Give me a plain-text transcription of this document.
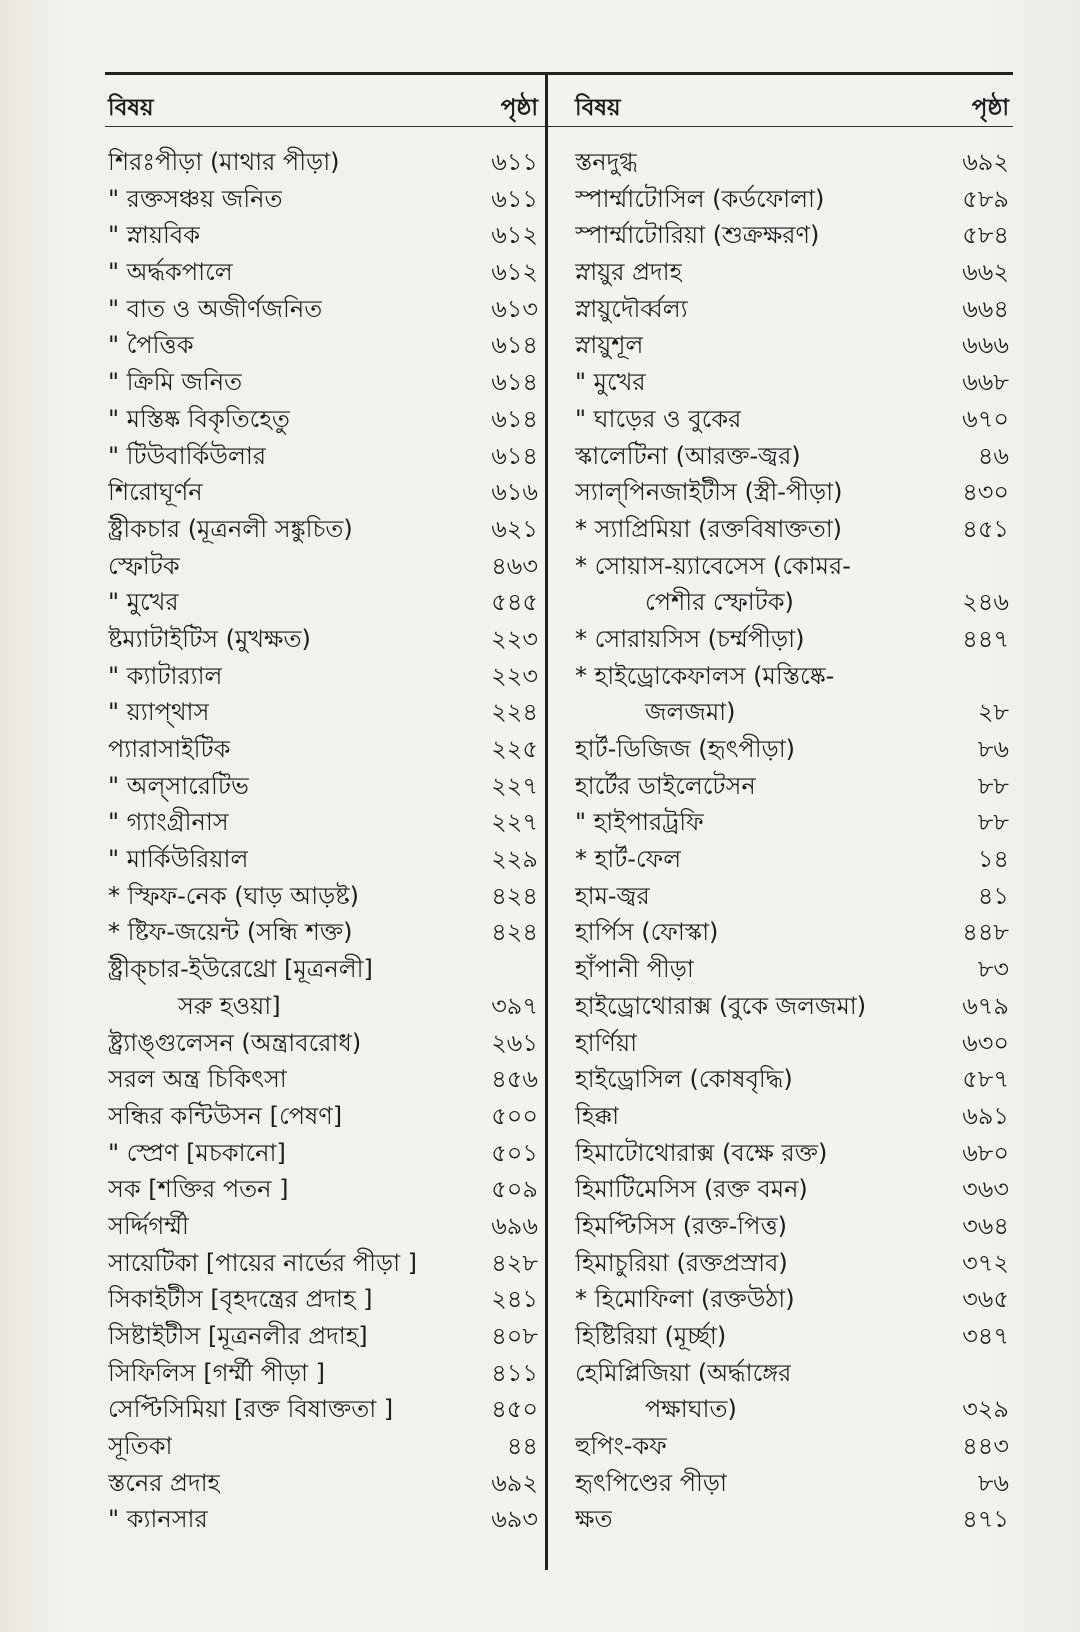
বিষয়	পৃষ্ঠা
শিরঃপীড়া (মাথার পীড়া)	৬১১
" রক্তসঞ্চয় জনিত	৬১১
" স্নায়বিক	৬১২
" অৰ্দ্ধকপালে	৬১২
" বাত ও অজীর্ণজনিত	৬১৩
" পৈত্তিক	৬১৪
" ক্রিমি জনিত	৬১৪
" মস্তিষ্ক বিকৃতিহেতু	৬১৪
" টিউবার্কিউলার	৬১৪
শিরোঘূর্ণন	৬১৬
ষ্ট্রীকচার (মূত্রনলী সঙ্কুচিত)	৬২১
স্ফোটক	৪৬৩
" মুখের	৫৪৫
ষ্টম্যাটাইটিস (মুখক্ষত)	২২৩
" ক্যাটার‍্যাল	২২৩
" য়্যাপ্থাস	২২৪
প্যারাসাইটিক	২২৫
" অল্‌সারেটিভ	২২৭
" গ্যাংগ্রীনাস	২২৭
" মার্কিউরিয়াল	২২৯
* স্ফিফ-নেক (ঘাড় আড়ষ্ট)	৪২৪
* ষ্টিফ-জয়েন্ট (সন্ধি শক্ত)	৪২৪
ষ্ট্রীক্চার-ইউরেথ্রো [মূত্রনলী]
সরু হওয়া]	৩৯৭
ষ্ট্র্যাঙ্গুলেসন (অন্ত্রাবরোধ)	২৬১
সরল অন্ত্র চিকিৎসা	৪৫৬
সন্ধির কন্টিউসন [পেষণ]	৫০০
" স্প্রেণ [মচকানো]	৫০১
সক [শক্তির পতন ]	৫০৯
সর্দ্দিগর্ম্মী	৬৯৬
সায়েটিকা [পায়ের নার্ভের পীড়া ]	৪২৮
সিকাইটীস [বৃহদন্ত্রের প্রদাহ ]	২৪১
সিষ্টাইটীস [মূত্রনলীর প্রদাহ]	৪০৮
সিফিলিস [গর্ম্মী পীড়া ]	৪১১
সেপ্টিসিমিয়া [রক্ত বিষাক্ততা ]	৪৫০
সূতিকা	৪৪
স্তনের প্রদাহ	৬৯২
" ক্যানসার	৬৯৩
বিষয়	পৃষ্ঠা
স্তনদুগ্ধ	৬৯২
স্পার্ম্মাটোসিল (কর্ডফোলা)	৫৮৯
স্পার্ম্মাটোরিয়া (শুক্রক্ষরণ)	৫৮৪
স্নায়ুর প্রদাহ	৬৬২
স্নায়ুদৌর্ব্বল্য	৬৬৪
স্নায়ুশূল	৬৬৬
" মুখের	৬৬৮
" ঘাড়ের ও বুকের	৬৭০
স্কালেটিনা (আরক্ত-জ্বর)	৪৬
স্যাল্‌পিনজাইটীস (স্ত্রী-পীড়া)	৪৩০
* স্যাপ্রিমিয়া (রক্তবিষাক্ততা)	৪৫১
* সোয়াস-য়্যাবেসেস (কোমর-
পেশীর স্ফোটক)	২৪৬
* সোরায়সিস (চর্ম্মপীড়া)	৪৪৭
* হাইড্রোকেফালস (মস্তিষ্কে-
জলজমা)	২৮
হার্ট-ডিজিজ (হৃৎপীড়া)	৮৬
হার্টের ডাইলেটেসন	৮৮
" হাইপারট্রফি	৮৮
* হার্ট-ফেল	১৪
হাম-জ্বর	৪১
হার্পিস (ফোস্কা)	৪৪৮
হাঁপানী পীড়া	৮৩
হাইড্রোথোরাক্স (বুকে জলজমা)	৬৭৯
হার্ণিয়া	৬৩০
হাইড্রোসিল (কোষবৃদ্ধি)	৫৮৭
হিক্কা	৬৯১
হিমাটোথোরাক্স (বক্ষে রক্ত)	৬৮০
হিমাটিমেসিস (রক্ত বমন)	৩৬৩
হিমপ্টিসিস (রক্ত-পিত্ত)	৩৬৪
হিমাচুরিয়া (রক্তপ্রস্রাব)	৩৭২
* হিমোফিলা (রক্তউঠা)	৩৬৫
হিষ্টিরিয়া (মূর্চ্ছা)	৩৪৭
হেমিপ্লিজিয়া (অর্দ্ধাঙ্গের
পক্ষাঘাত)	৩২৯
হুপিং-কফ	৪৪৩
হৃৎপিণ্ডের পীড়া	৮৬
ক্ষত	৪৭১
